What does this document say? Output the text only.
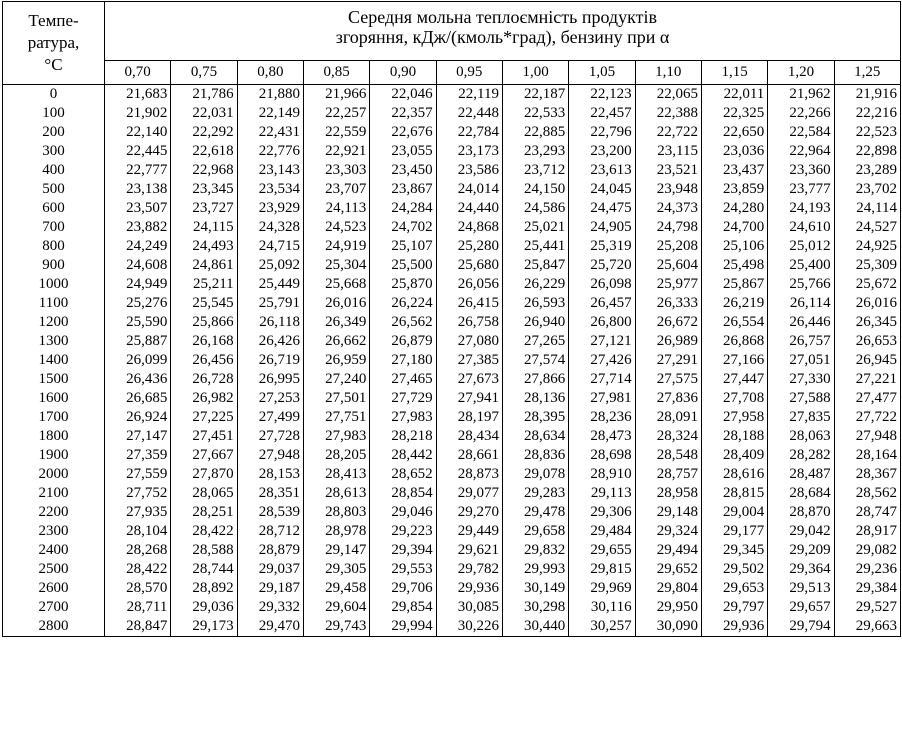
Темпе-
ратура,
°С	Середня мольна теплоємність продуктів
згоряння, кДж/(кмоль*град), бензину при α											

	0,70	0,75	0,80	0,85	0,90	0,95	1,00	1,05	1,10	1,15	1,20	1,25
0	21,683	21,786	21,880	21,966	22,046	22,119	22,187	22,123	22,065	22,011	21,962	21,916
100	21,902	22,031	22,149	22,257	22,357	22,448	22,533	22,457	22,388	22,325	22,266	22,216
200	22,140	22,292	22,431	22,559	22,676	22,784	22,885	22,796	22,722	22,650	22,584	22,523
300	22,445	22,618	22,776	22,921	23,055	23,173	23,293	23,200	23,115	23,036	22,964	22,898
400	22,777	22,968	23,143	23,303	23,450	23,586	23,712	23,613	23,521	23,437	23,360	23,289
500	23,138	23,345	23,534	23,707	23,867	24,014	24,150	24,045	23,948	23,859	23,777	23,702
600	23,507	23,727	23,929	24,113	24,284	24,440	24,586	24,475	24,373	24,280	24,193	24,114
700	23,882	24,115	24,328	24,523	24,702	24,868	25,021	24,905	24,798	24,700	24,610	24,527
800	24,249	24,493	24,715	24,919	25,107	25,280	25,441	25,319	25,208	25,106	25,012	24,925
900	24,608	24,861	25,092	25,304	25,500	25,680	25,847	25,720	25,604	25,498	25,400	25,309
1000	24,949	25,211	25,449	25,668	25,870	26,056	26,229	26,098	25,977	25,867	25,766	25,672
1100	25,276	25,545	25,791	26,016	26,224	26,415	26,593	26,457	26,333	26,219	26,114	26,016
1200	25,590	25,866	26,118	26,349	26,562	26,758	26,940	26,800	26,672	26,554	26,446	26,345
1300	25,887	26,168	26,426	26,662	26,879	27,080	27,265	27,121	26,989	26,868	26,757	26,653
1400	26,099	26,456	26,719	26,959	27,180	27,385	27,574	27,426	27,291	27,166	27,051	26,945
1500	26,436	26,728	26,995	27,240	27,465	27,673	27,866	27,714	27,575	27,447	27,330	27,221
1600	26,685	26,982	27,253	27,501	27,729	27,941	28,136	27,981	27,836	27,708	27,588	27,477
1700	26,924	27,225	27,499	27,751	27,983	28,197	28,395	28,236	28,091	27,958	27,835	27,722
1800	27,147	27,451	27,728	27,983	28,218	28,434	28,634	28,473	28,324	28,188	28,063	27,948
1900	27,359	27,667	27,948	28,205	28,442	28,661	28,836	28,698	28,548	28,409	28,282	28,164
2000	27,559	27,870	28,153	28,413	28,652	28,873	29,078	28,910	28,757	28,616	28,487	28,367
2100	27,752	28,065	28,351	28,613	28,854	29,077	29,283	29,113	28,958	28,815	28,684	28,562
2200	27,935	28,251	28,539	28,803	29,046	29,270	29,478	29,306	29,148	29,004	28,870	28,747
2300	28,104	28,422	28,712	28,978	29,223	29,449	29,658	29,484	29,324	29,177	29,042	28,917
2400	28,268	28,588	28,879	29,147	29,394	29,621	29,832	29,655	29,494	29,345	29,209	29,082
2500	28,422	28,744	29,037	29,305	29,553	29,782	29,993	29,815	29,652	29,502	29,364	29,236
2600	28,570	28,892	29,187	29,458	29,706	29,936	30,149	29,969	29,804	29,653	29,513	29,384
2700	28,711	29,036	29,332	29,604	29,854	30,085	30,298	30,116	29,950	29,797	29,657	29,527
2800	28,847	29,173	29,470	29,743	29,994	30,226	30,440	30,257	30,090	29,936	29,794	29,663
